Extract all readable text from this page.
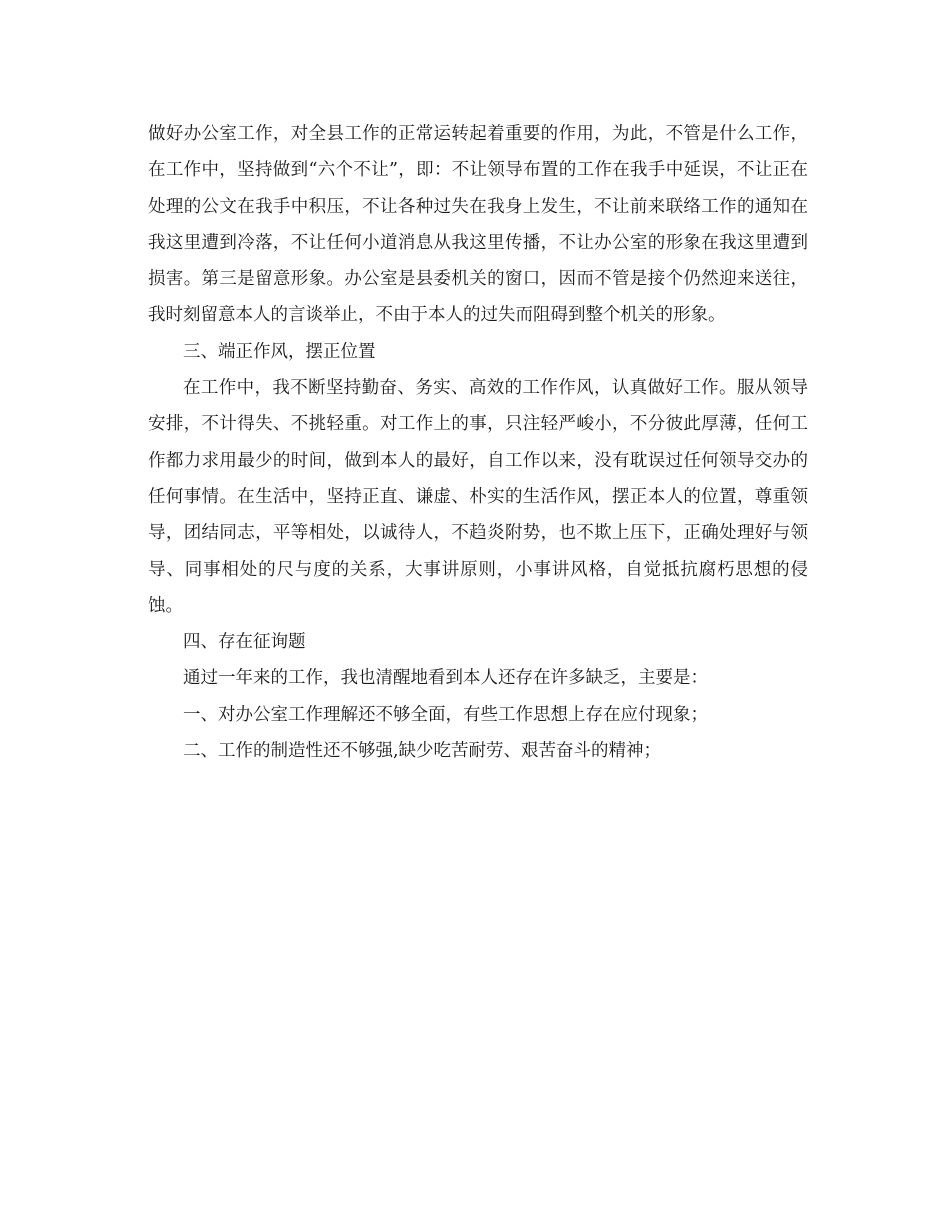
做好办公室工作，对全县工作的正常运转起着重要的作用，为此，不管是什么工作，在工作中，坚持做到“六个不让”，即：不让领导布置的工作在我手中延误，不让正在处理的公文在我手中积压，不让各种过失在我身上发生，不让前来联络工作的通知在我这里遭到冷落，不让任何小道消息从我这里传播，不让办公室的形象在我这里遭到损害。第三是留意形象。办公室是县委机关的窗口，因而不管是接个仍然迎来送往，我时刻留意本人的言谈举止，不由于本人的过失而阻碍到整个机关的形象。

三、端正作风，摆正位置

在工作中，我不断坚持勤奋、务实、高效的工作作风，认真做好工作。服从领导安排，不计得失、不挑轻重。对工作上的事，只注轻严峻小，不分彼此厚薄，任何工作都力求用最少的时间，做到本人的最好，自工作以来，没有耽误过任何领导交办的任何事情。在生活中，坚持正直、谦虚、朴实的生活作风，摆正本人的位置，尊重领导，团结同志，平等相处，以诚待人，不趋炎附势，也不欺上压下，正确处理好与领导、同事相处的尺与度的关系，大事讲原则，小事讲风格，自觉抵抗腐朽思想的侵蚀。

四、存在征询题

通过一年来的工作，我也清醒地看到本人还存在许多缺乏，主要是：

一、对办公室工作理解还不够全面，有些工作思想上存在应付现象；

二、工作的制造性还不够强,缺少吃苦耐劳、艰苦奋斗的精神；
